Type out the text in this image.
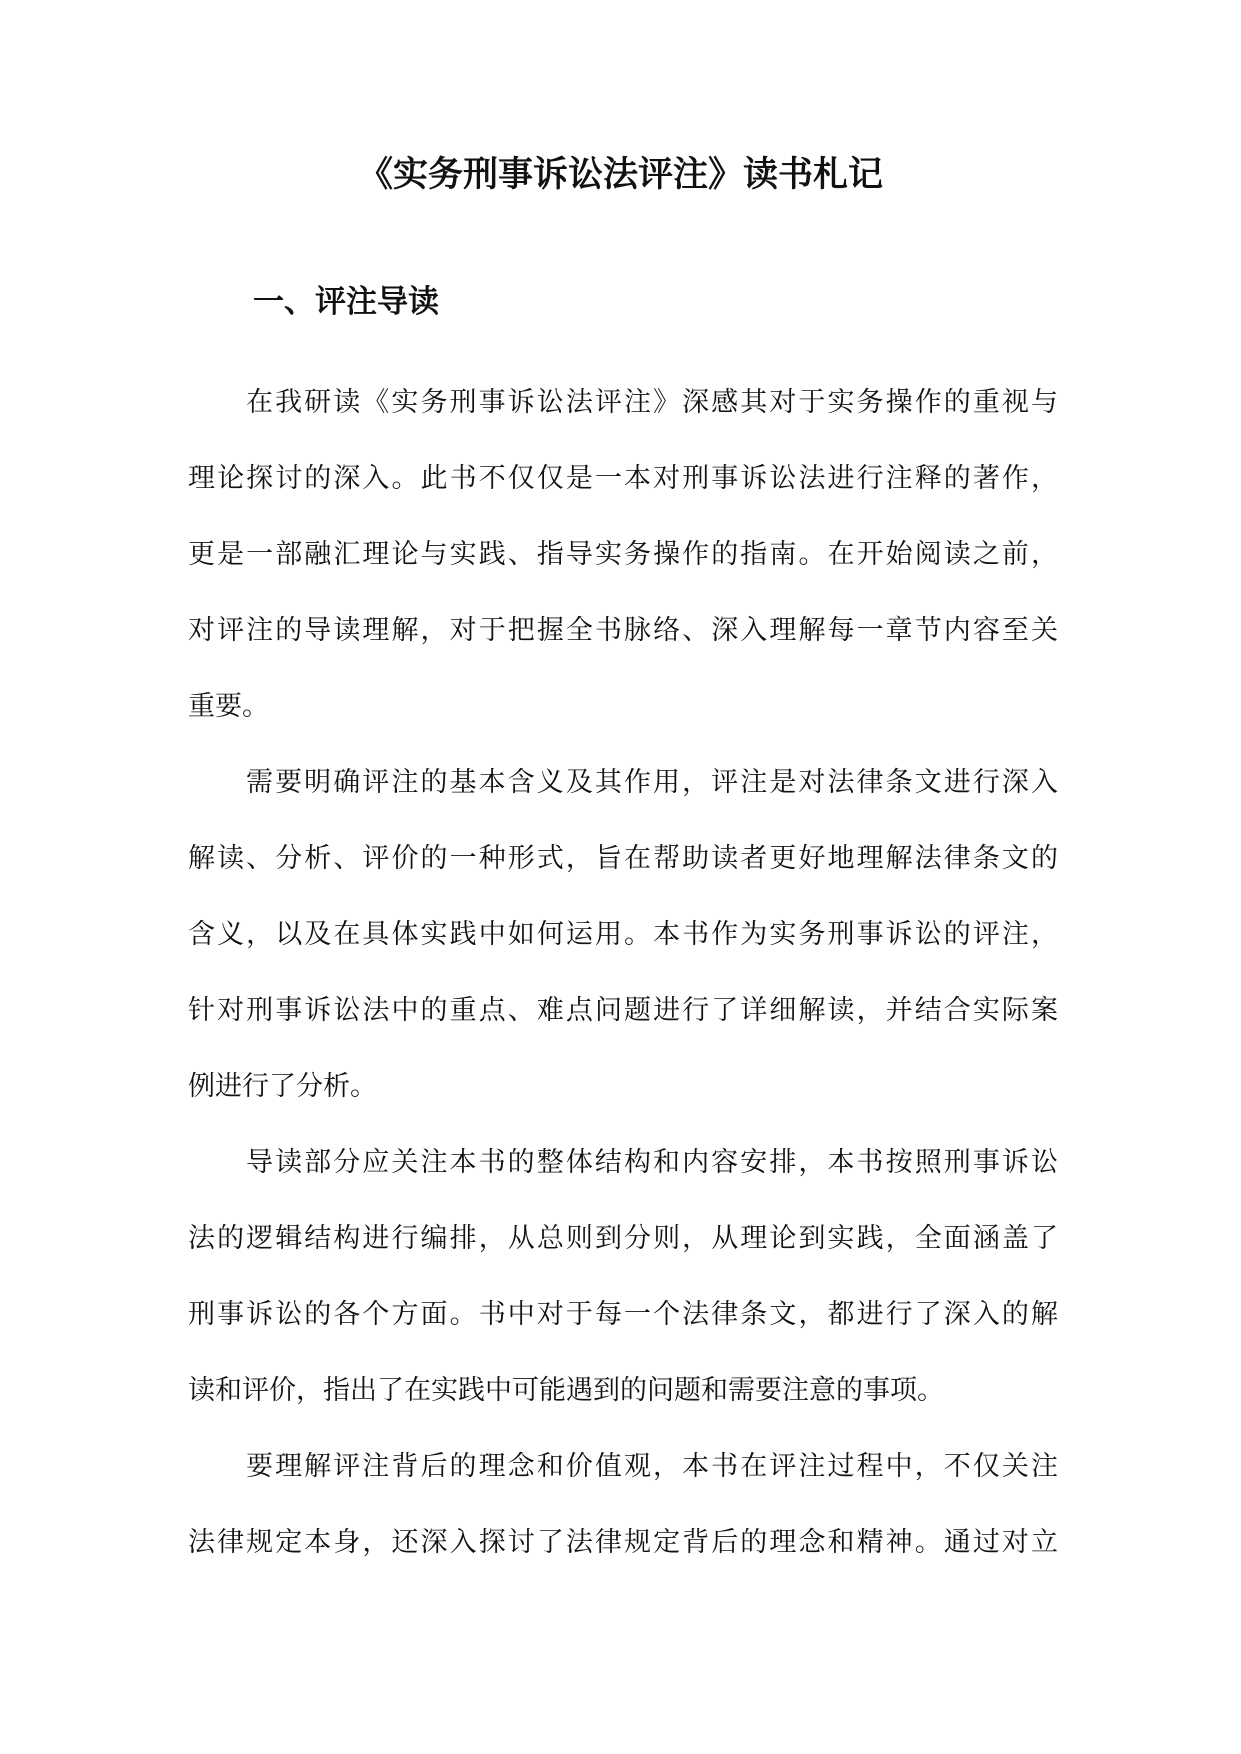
《实务刑事诉讼法评注》读书札记
一、评注导读

在我研读《实务刑事诉讼法评注》深感其对于实务操作的重视与
理论探讨的深入。此书不仅仅是一本对刑事诉讼法进行注释的著作，
更是一部融汇理论与实践、指导实务操作的指南。在开始阅读之前，
对评注的导读理解，对于把握全书脉络、深入理解每一章节内容至关
重要。

需要明确评注的基本含义及其作用，评注是对法律条文进行深入
解读、分析、评价的一种形式，旨在帮助读者更好地理解法律条文的
含义，以及在具体实践中如何运用。本书作为实务刑事诉讼的评注，
针对刑事诉讼法中的重点、难点问题进行了详细解读，并结合实际案
例进行了分析。

导读部分应关注本书的整体结构和内容安排，本书按照刑事诉讼
法的逻辑结构进行编排，从总则到分则，从理论到实践，全面涵盖了
刑事诉讼的各个方面。书中对于每一个法律条文，都进行了深入的解
读和评价，指出了在实践中可能遇到的问题和需要注意的事项。

要理解评注背后的理念和价值观，本书在评注过程中，不仅关注
法律规定本身，还深入探讨了法律规定背后的理念和精神。通过对立
